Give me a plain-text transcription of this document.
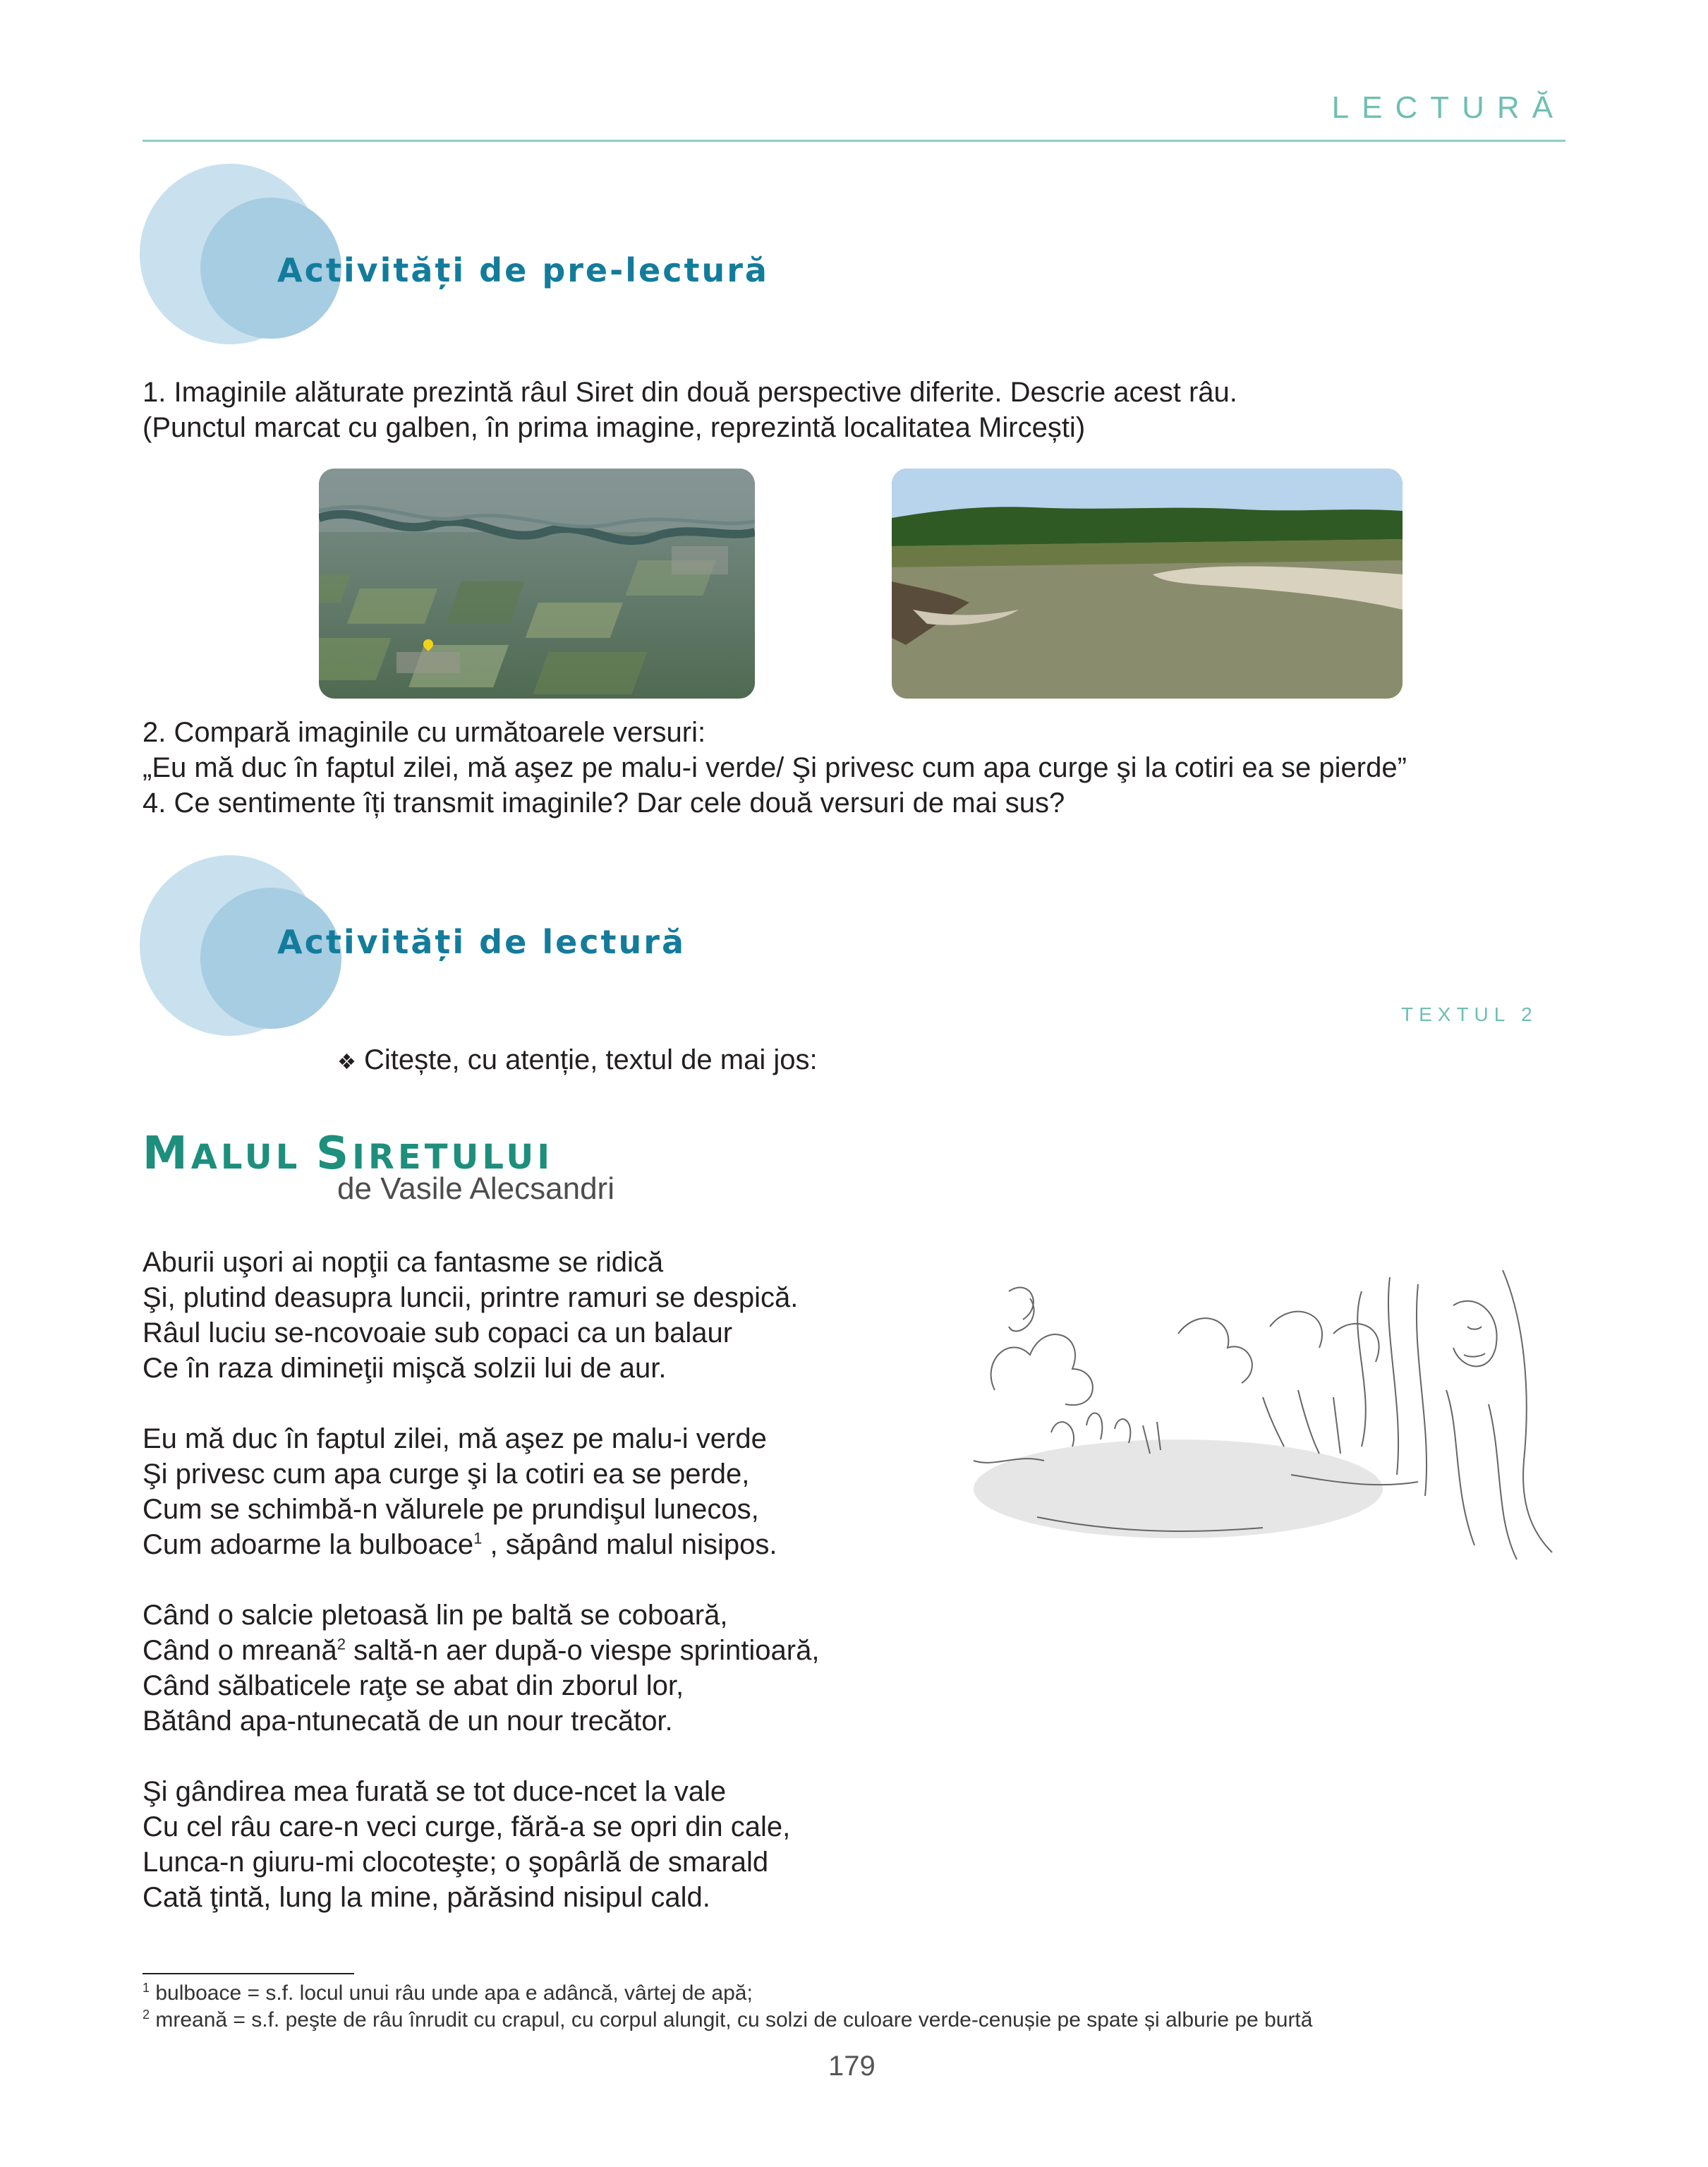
LECTURĂ
Activități de pre-lectură
1. Imaginile alăturate prezintă râul Siret din două perspective diferite. Descrie acest râu.
(Punctul marcat cu galben, în prima imagine, reprezintă localitatea Mircești)
2. Compară imaginile cu următoarele versuri:
„Eu mă duc în faptul zilei, mă aşez pe malu-i verde/ Şi privesc cum apa curge şi la cotiri ea se pierde”
4. Ce sentimente îți transmit imaginile? Dar cele două versuri de mai sus?
Activități de lectură
TEXTUL 2
❖ Citește, cu atenție, textul de mai jos:
MALUL SIRETULUI
de Vasile Alecsandri
Aburii uşori ai nopţii ca fantasme se ridică
Şi, plutind deasupra luncii, printre ramuri se despică.
Râul luciu se-ncovoaie sub copaci ca un balaur
Ce în raza dimineţii mişcă solzii lui de aur.
Eu mă duc în faptul zilei, mă aşez pe malu-i verde
Şi privesc cum apa curge şi la cotiri ea se perde,
Cum se schimbă-n vălurele pe prundişul lunecos,
Cum adoarme la bulboace$^1$ , săpând malul nisipos.
Când o salcie pletoasă lin pe baltă se coboară,
Când o mreană$^2$ saltă-n aer după-o viespe sprintioară,
Când sălbaticele raţe se abat din zborul lor,
Bătând apa-ntunecată de un nour trecător.
Şi gândirea mea furată se tot duce-ncet la vale
Cu cel râu care-n veci curge, fără-a se opri din cale,
Lunca-n giuru-mi clocoteşte; o şopârlă de smarald
Cată ţintă, lung la mine, părăsind nisipul cald.
$^1$ bulboace = s.f. locul unui râu unde apa e adâncă, vârtej de apă;
$^2$ mreană = s.f. peşte de râu înrudit cu crapul, cu corpul alungit, cu solzi de culoare verde-cenușie pe spate și alburie pe burtă
179
